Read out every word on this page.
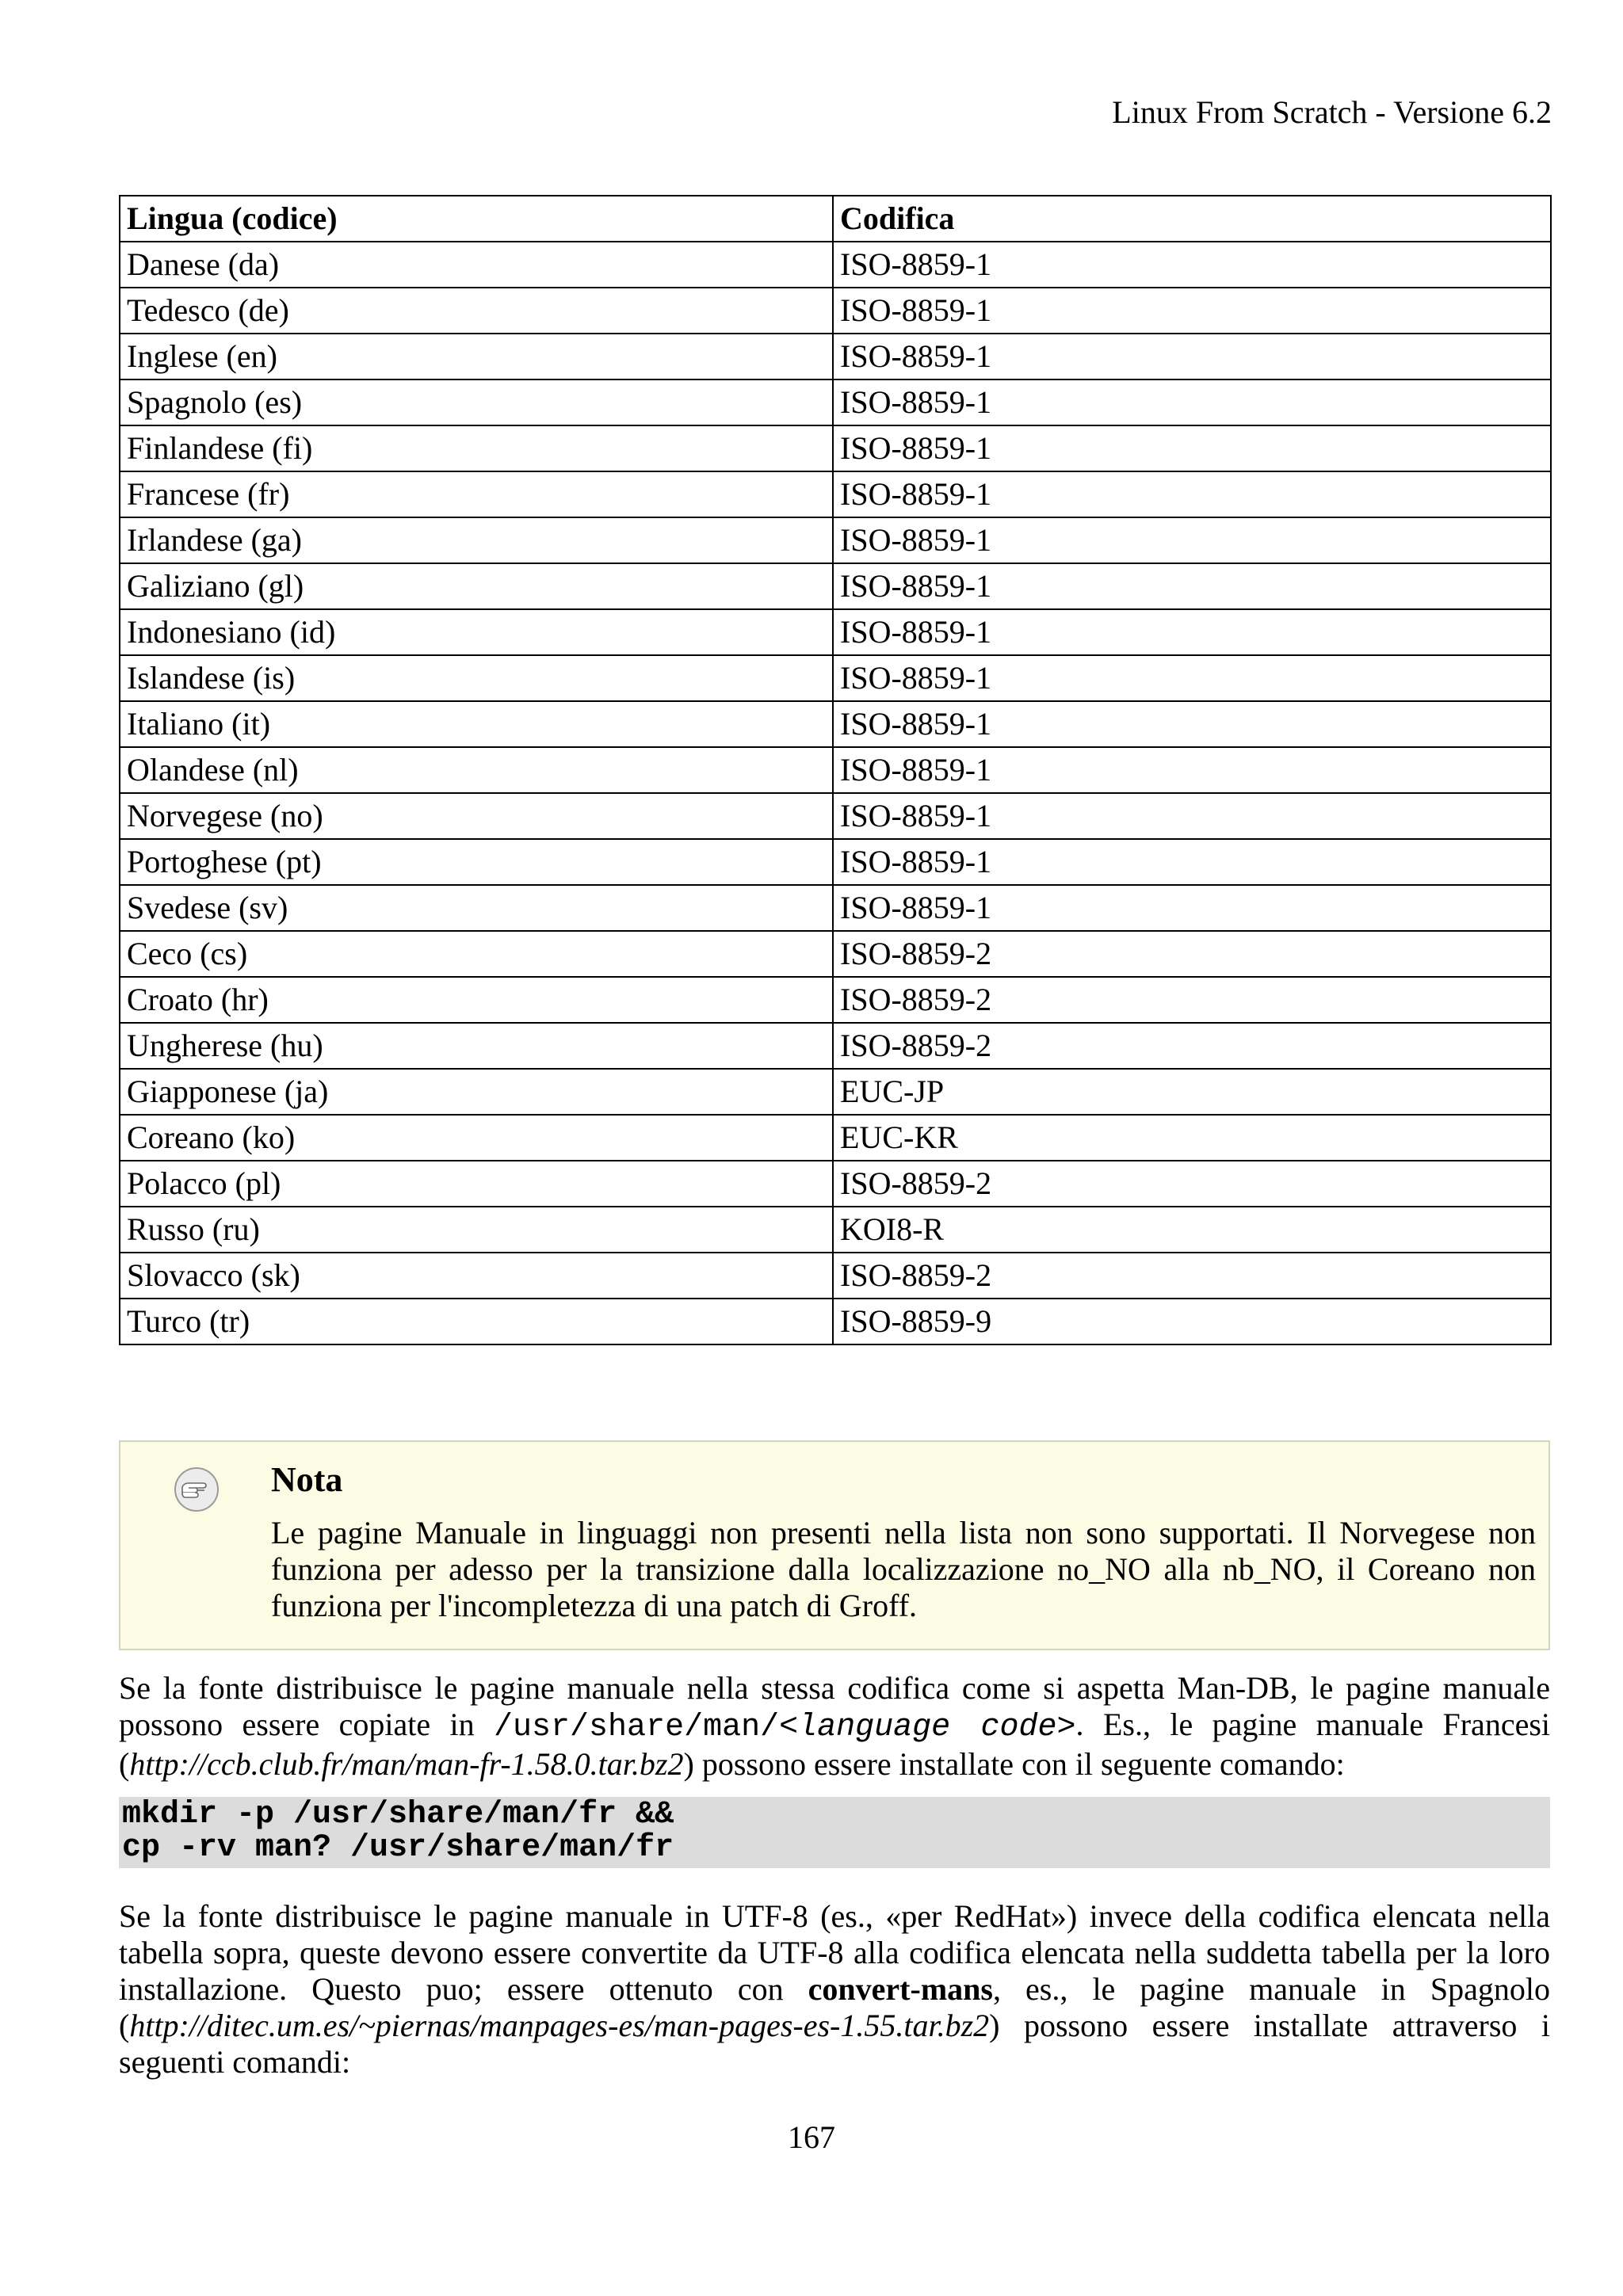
Linux From Scratch - Versione 6.2
Lingua (codice)	Codifica
Danese (da)	ISO-8859-1
Tedesco (de)	ISO-8859-1
Inglese (en)	ISO-8859-1
Spagnolo (es)	ISO-8859-1
Finlandese (fi)	ISO-8859-1
Francese (fr)	ISO-8859-1
Irlandese (ga)	ISO-8859-1
Galiziano (gl)	ISO-8859-1
Indonesiano (id)	ISO-8859-1
Islandese (is)	ISO-8859-1
Italiano (it)	ISO-8859-1
Olandese (nl)	ISO-8859-1
Norvegese (no)	ISO-8859-1
Portoghese (pt)	ISO-8859-1
Svedese (sv)	ISO-8859-1
Ceco (cs)	ISO-8859-2
Croato (hr)	ISO-8859-2
Ungherese (hu)	ISO-8859-2
Giapponese (ja)	EUC-JP
Coreano (ko)	EUC-KR
Polacco (pl)	ISO-8859-2
Russo (ru)	KOI8-R
Slovacco (sk)	ISO-8859-2
Turco (tr)	ISO-8859-9
Nota

Le pagine Manuale in linguaggi non presenti nella lista non sono supportati. Il Norvegese non funziona per adesso per la transizione dalla localizzazione no_NO alla nb_NO, il Coreano non funziona per l'incompletezza di una patch di Groff.

Se la fonte distribuisce le pagine manuale nella stessa codifica come si aspetta Man-DB, le pagine manuale possono essere copiate in /usr/share/man/<language code>. Es., le pagine manuale Francesi (http://ccb.club.fr/man/man-fr-1.58.0.tar.bz2) possono essere installate con il seguente comando:

mkdir -p /usr/share/man/fr &&
cp -rv man? /usr/share/man/fr

Se la fonte distribuisce le pagine manuale in UTF-8 (es., «per RedHat») invece della codifica elencata nella tabella sopra, queste devono essere convertite da UTF-8 alla codifica elencata nella suddetta tabella per la loro installazione. Questo puo; essere ottenuto con convert-mans, es., le pagine manuale in Spagnolo (http://ditec.um.es/~piernas/manpages-es/man-pages-es-1.55.tar.bz2) possono essere installate attraverso i seguenti comandi:

167
